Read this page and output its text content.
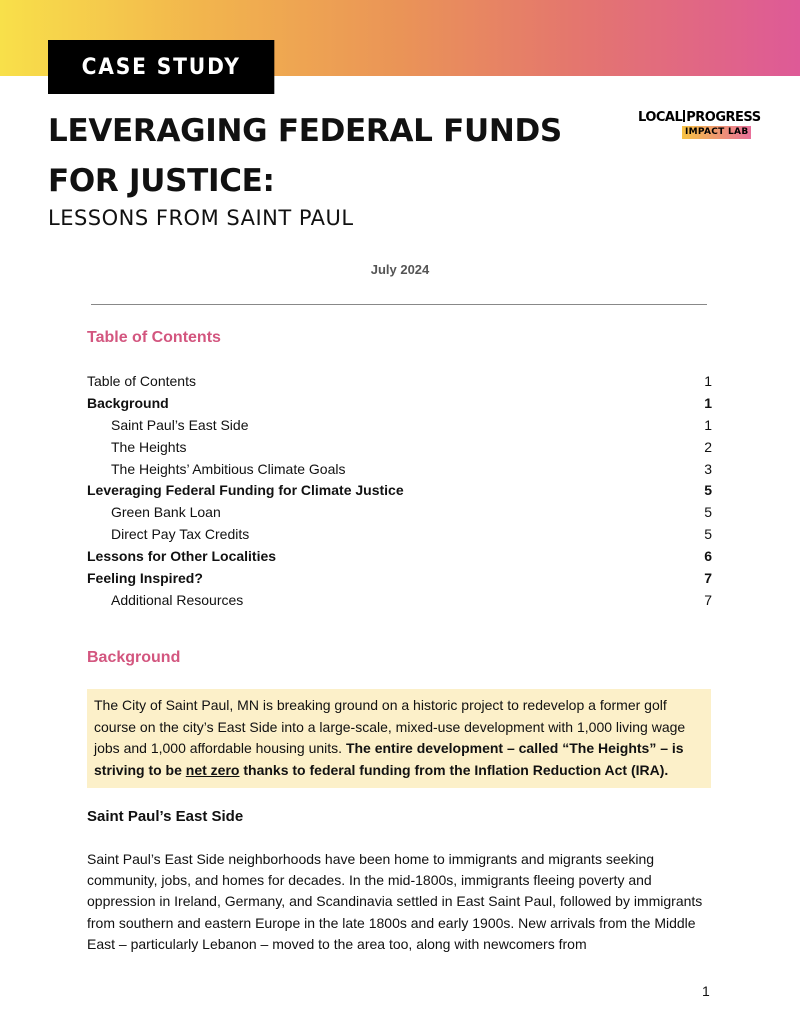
CASE STUDY
LEVERAGING FEDERAL FUNDS
FOR JUSTICE:
LESSONS FROM SAINT PAUL
LOCAL PROGRESS
IMPACT LAB
July 2024
Table of Contents
Table of Contents	1
Background	1
Saint Paul’s East Side	1
The Heights	2
The Heights’ Ambitious Climate Goals	3
Leveraging Federal Funding for Climate Justice	5
Green Bank Loan	5
Direct Pay Tax Credits	5
Lessons for Other Localities	6
Feeling Inspired?	7
Additional Resources	7
Background
The City of Saint Paul, MN is breaking ground on a historic project to redevelop a former golf course on the city’s East Side into a large-scale, mixed-use development with 1,000 living wage jobs and 1,000 affordable housing units. The entire development – called “The Heights” – is striving to be net zero thanks to federal funding from the Inflation Reduction Act (IRA).
Saint Paul’s East Side

Saint Paul’s East Side neighborhoods have been home to immigrants and migrants seeking community, jobs, and homes for decades. In the mid-1800s, immigrants fleeing poverty and oppression in Ireland, Germany, and Scandinavia settled in East Saint Paul, followed by immigrants from southern and eastern Europe in the late 1800s and early 1900s. New arrivals from the Middle East – particularly Lebanon – moved to the area too, along with newcomers from

1
